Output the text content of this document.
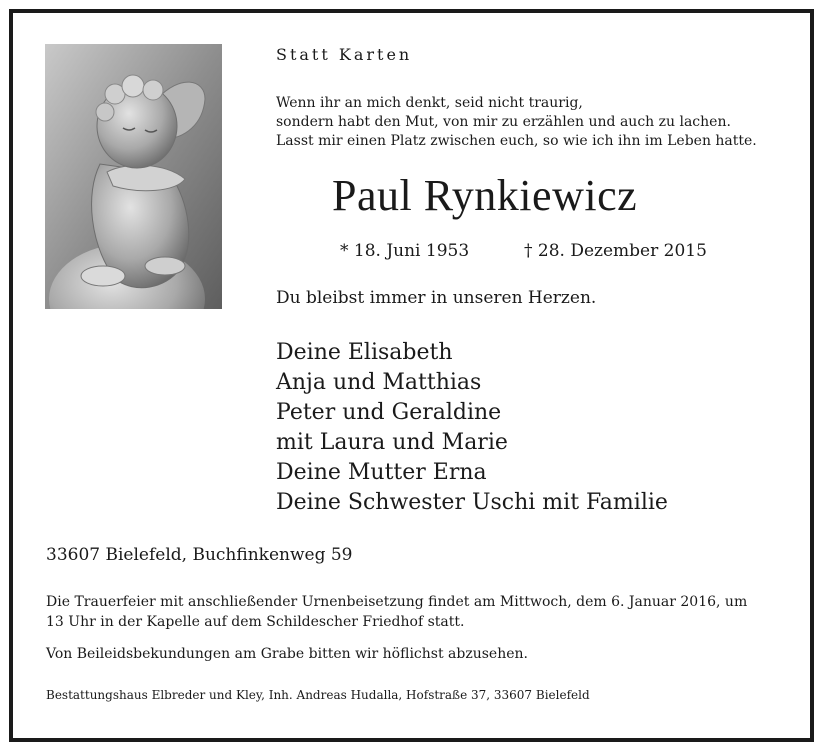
Statt Karten
Wenn ihr an mich denkt, seid nicht traurig,
sondern habt den Mut, von mir zu erzählen und auch zu lachen.
Lasst mir einen Platz zwischen euch, so wie ich ihn im Leben hatte.
Paul Rynkiewicz
* 18. Juni 1953	† 28. Dezember 2015
Du bleibst immer in unseren Herzen.
Deine Elisabeth
Anja und Matthias
Peter und Geraldine
mit Laura und Marie
Deine Mutter Erna
Deine Schwester Uschi mit Familie
33607 Bielefeld, Buchfinkenweg 59
Die Trauerfeier mit anschließender Urnenbeisetzung findet am Mittwoch, dem 6. Januar 2016, um
13 Uhr in der Kapelle auf dem Schildescher Friedhof statt.
Von Beileidsbekundungen am Grabe bitten wir höflichst abzusehen.
Bestattungshaus Elbreder und Kley, Inh. Andreas Hudalla, Hofstraße 37, 33607 Bielefeld
